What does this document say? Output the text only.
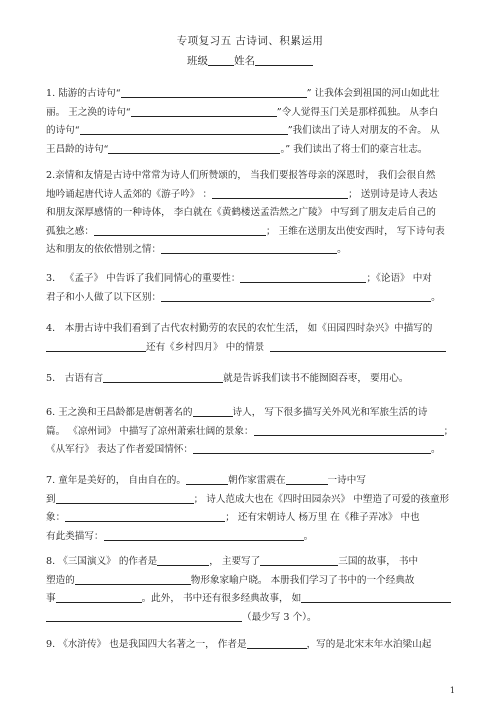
专项复习五 古诗词、积累运用
班级 姓名
1. 陆游的古诗句“	” 让我体会到祖国的河山如此壮
丽。 王之涣的诗句“	”令人觉得玉门关是那样孤独。 从李白
的诗句“	”我们读出了诗人对朋友的不舍。 从
王昌龄的诗句“	。” 我们读出了将士们的豪言壮志。
2.亲情和友情是古诗中常常为诗人们所赞颂的， 当我们要报答母亲的深恩时， 我们会很自然
地吟诵起唐代诗人孟郊的《游子吟》 ：	； 送别诗是诗人表达
和朋友深厚感情的一种诗体， 李白就在《黄鹤楼送孟浩然之广陵》 中写到了朋友走后自己的
孤独之感：	； 王维在送朋友出使安西时， 写下诗句表
达和朋友的依依惜别之情：	。
3． 《孟子》 中告诉了我们同情心的重要性：	；《论语》 中对
君子和小人做了以下区别：	。
4． 本册古诗中我们看到了古代农村勤劳的农民的农忙生活， 如《田园四时杂兴》中描写的
还有《乡村四月》 中的情景
5． 古语有言	就是告诉我们读书不能囫囵吞枣， 要用心。
6. 王之涣和王昌龄都是唐朝著名的	诗人， 写下很多描写关外风光和军旅生活的诗
篇。 《凉州词》 中描写了凉州萧索壮阔的景象：	；
《从军行》 表达了作者爱国情怀：	。
7. 童年是美好的， 自由自在的。	朝作家雷震在	一诗中写
到	； 诗人范成大也在《四时田园杂兴》 中塑造了可爱的孩童形
象：	； 还有宋朝诗人 杨万里 在《稚子弄冰》 中也
有此类描写：	。
8. 《三国演义》 的作者是	， 主要写了	三国的故事， 书中
塑造的	物形象家喻户晓。 本册我们学习了书中的一个经典故
事	。此外， 书中还有很多经典故事， 如
（最少写 3 个）。
9. 《水浒传》 也是我国四大名著之一， 作者是	，写的是北宋末年水泊梁山起
1
